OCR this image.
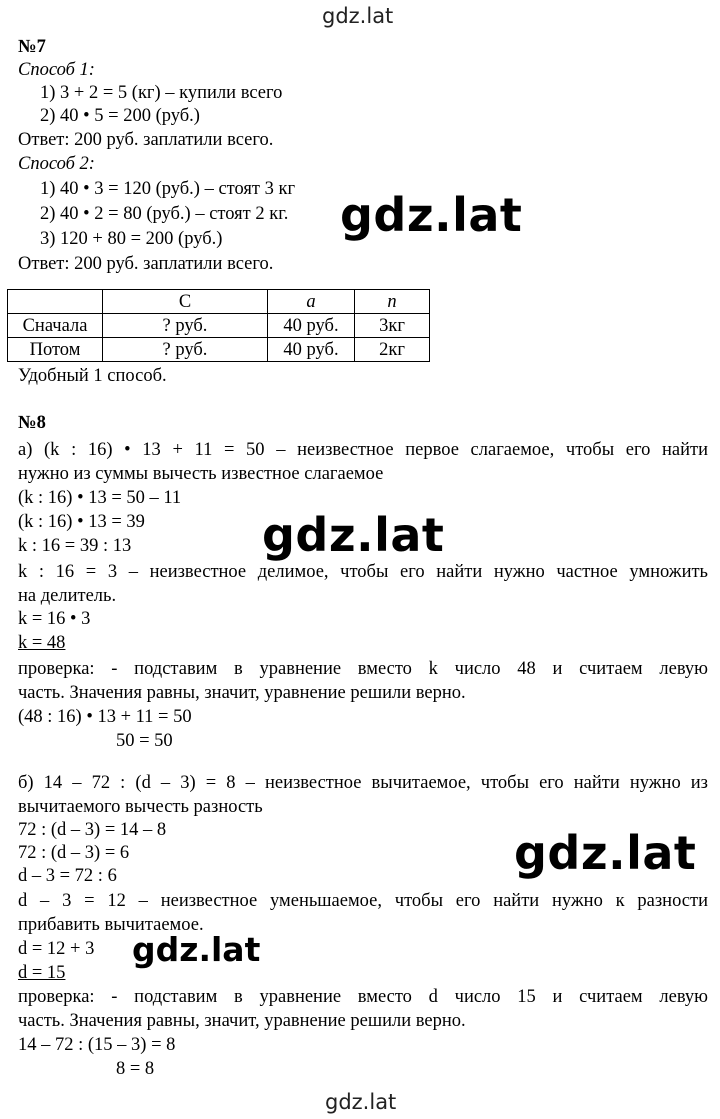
gdz.lat
gdz.lat
gdz.lat
gdz.lat
gdz.lat
gdz.lat
№7
Способ 1:
1) 3 + 2 = 5 (кг) – купили всего
2) 40 • 5 = 200 (руб.)
Ответ: 200 руб. заплатили всего.
Способ 2:
1) 40 • 3 = 120 (руб.) – стоят 3 кг
2) 40 • 2 = 80 (руб.) – стоят 2 кг.
3) 120 + 80 = 200 (руб.)
Ответ: 200 руб. заплатили всего.
	С	а	n
Сначала	? руб.	40 руб.	3кг
Потом	? руб.	40 руб.	2кг
Удобный 1 способ.
№8
а) (k : 16) • 13 + 11 = 50 – неизвестное первое слагаемое, чтобы его найти
нужно из суммы вычесть известное слагаемое
(k : 16) • 13 = 50 – 11
(k : 16) • 13 = 39
k : 16 = 39 : 13
k : 16 = 3 – неизвестное делимое, чтобы его найти нужно частное умножить
на делитель.
k = 16 • 3
k = 48
проверка: - подставим в уравнение вместо k число 48 и считаем левую
часть. Значения равны, значит, уравнение решили верно.
(48 : 16) • 13 + 11 = 50
50 = 50
б) 14 – 72 : (d – 3) = 8 – неизвестное вычитаемое, чтобы его найти нужно из
вычитаемого вычесть разность
72 : (d – 3) = 14 – 8
72 : (d – 3) = 6
d – 3 = 72 : 6
d – 3 = 12 – неизвестное уменьшаемое, чтобы его найти нужно к разности
прибавить вычитаемое.
d = 12 + 3
d = 15
проверка: - подставим в уравнение вместо d число 15 и считаем левую
часть. Значения равны, значит, уравнение решили верно.
14 – 72 : (15 – 3) = 8
8 = 8
